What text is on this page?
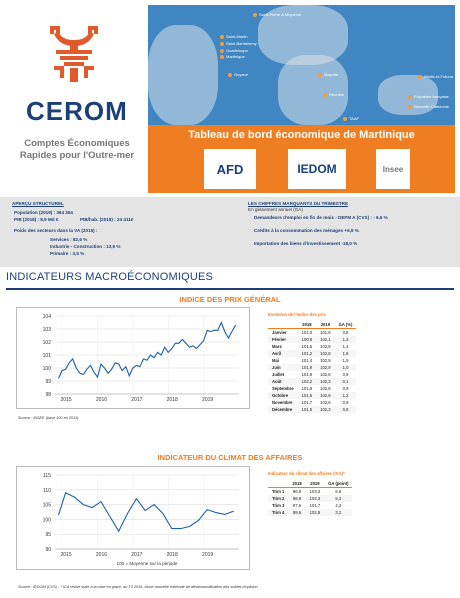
CEROM
Comptes Économiques Rapides pour l'Outre-mer
Saint-Pierre & Miquelon
Saint-Martin
Saint-Barthélemy
Guadeloupe
Martinique
Guyane	Mayotte
Réunion
TAAF
Wallis-et-Futuna
Polynésie française
Nouvelle-Calédonie
Tableau de bord économique de Martinique
AFD	IEDOM	Insee
APERÇU STRUCTUREL
Population (2019) : 364 354
PIB (2018) : 8,9 Md €	PIB/hab. (2018) : 24 411€
Poids des secteurs dans la VA (2015) :
Services : 82,6 %
Industrie - Construction : 13,9 %
Primaire : 3,5 %
LES CHIFFRES MARQUANTS DU TRIMESTRE
En glissement annuel (GA)
Demandeurs d'emploi en fin de mois - DEFM A (CVS) : - 6,6 %
Crédits à la consommation des ménages +6,9 %
Importation des biens d'investissement -18,0 %
INDICATEURS MACROÉCONOMIQUES
INDICE DES PRIX GÉNÉRAL
98
99
100
101
102
103
104
2015	2016	2017	2018	2019
Source : INSEE (base 100 en 2015)
Evolution de l'indice des prix
	2018	2019	GA (%)
Janvier	101,0	101,8	0,8
Février	100,8	102,1	1,3
Mars	101,5	102,9	1,4
Avril	101,2	102,8	1,6
Mai	101,4	102,9	1,5
Juin	101,9	102,9	1,0
Juillet	101,9	102,8	0,9
Août	102,2	102,3	0,1
Septembre	101,9	102,8	0,9
Octobre	101,6	102,8	1,2
Novembre	101,7	102,6	0,9
Décembre	101,5	102,3	0,8
INDICATEUR DU CLIMAT DES AFFAIRES
90
95
100
105
110
115
2015	2016	2017	2018	2019
100 = Moyenne sur la période
Source : IEDOM (CVS) - * ICA révisé suite à la mise en place, au T3 2016, d'une nouvelle méthode de désaisonnalisation des soldes d'opinion
Indicateur du climat des affaires (ICA)*
	2018	2019	GA (point)
Trim 1	96,9	103,3	6,6
Trim 2	96,9	102,3	5,3
Trim 3	97,6	101,7	4,2
Trim 4	99,6	102,8	3,2
